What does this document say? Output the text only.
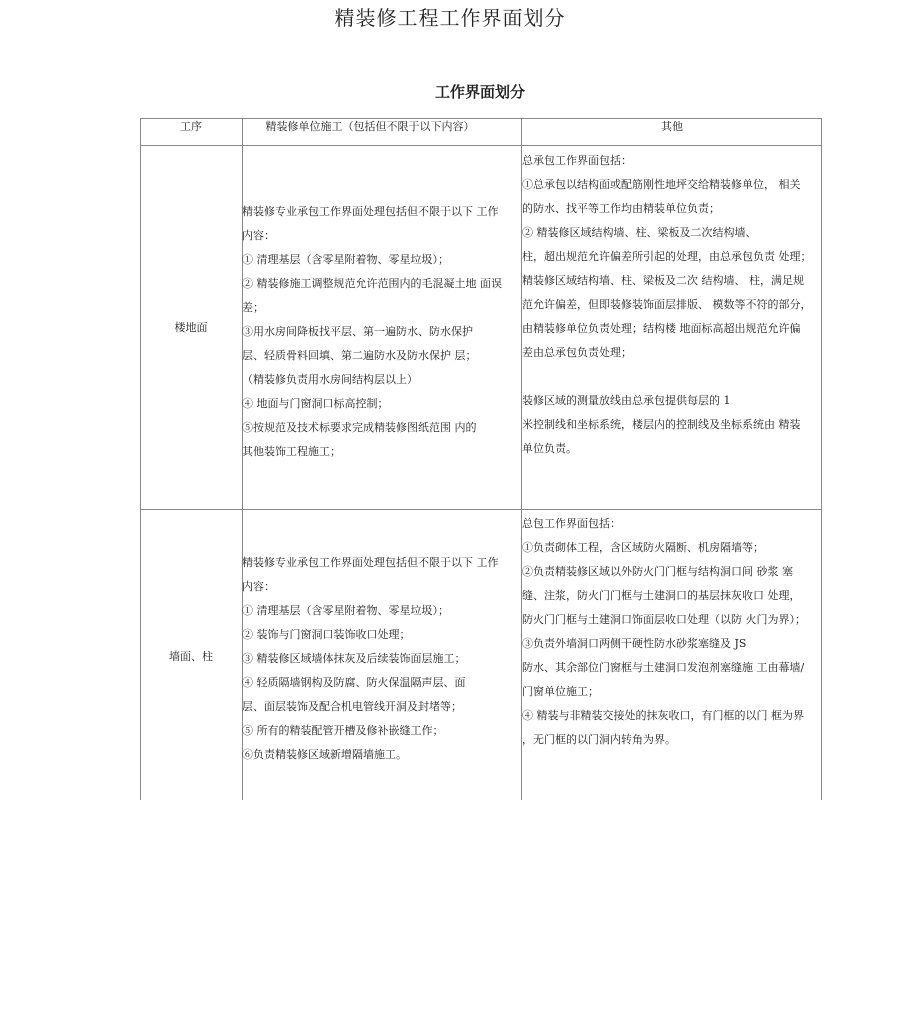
精装修工程工作界面划分
工作界面划分
工序	精装修单位施工（包括但不限于以下内容）	其他
楼地面
精装修专业承包工作界面处理包括但不限于以下 工作
内容：
① 清理基层（含零星附着物、零星垃圾）；
② 精装修施工调整规范允许范围内的毛混凝土地 面误
差；
③用水房间降板找平层、第一遍防水、防水保护
层、轻质骨料回填、第二遍防水及防水保护 层；
（精装修负责用水房间结构层以上）
④ 地面与门窗洞口标高控制；
⑤按规范及技术标要求完成精装修图纸范围 内的
其他装饰工程施工；
总承包工作界面包括：
①总承包以结构面或配筋刚性地坪交给精装修单位， 相关
的防水、找平等工作均由精装单位负责；
② 精装修区域结构墙、柱、梁板及二次结构墙、
柱，超出规范允许偏差所引起的处理，由总承包负责 处理；
精装修区域结构墙、柱、梁板及二次 结构墙、 柱，满足规
范允许偏差，但即装修装饰面层排版、 模数等不符的部分，
由精装修单位负责处理；结构楼 地面标高超出规范允许偏
差由总承包负责处理；
装修区域的测量放线由总承包提供每层的 1
米控制线和坐标系统，楼层内的控制线及坐标系统由 精装
单位负责。
墙面、柱
精装修专业承包工作界面处理包括但不限于以下 工作
内容：
① 清理基层（含零星附着物、零星垃圾）；
② 装饰与门窗洞口装饰收口处理；
③ 精装修区域墙体抹灰及后续装饰面层施工；
④ 轻质隔墙钢构及防腐、防火保温隔声层、面
层、面层装饰及配合机电管线开洞及封堵等；
⑤ 所有的精装配管开槽及修补嵌缝工作；
⑥负责精装修区域新增隔墙施工。
总包工作界面包括：
①负责砌体工程，含区域防火隔断、机房隔墙等；
②负责精装修区域以外防火门门框与结构洞口间 砂浆 塞
缝、注浆，防火门门框与土建洞口的基层抹灰收口 处理，
防火门门框与土建洞口饰面层收口处理（以防 火门为界）；
③负责外墙洞口两侧干硬性防水砂浆塞缝及 JS
防水、其余部位门窗框与土建洞口发泡剂塞缝施 工由幕墙/
门窗单位施工；
④ 精装与非精装交接处的抹灰收口，有门框的以门 框为界
，无门框的以门洞内转角为界。
